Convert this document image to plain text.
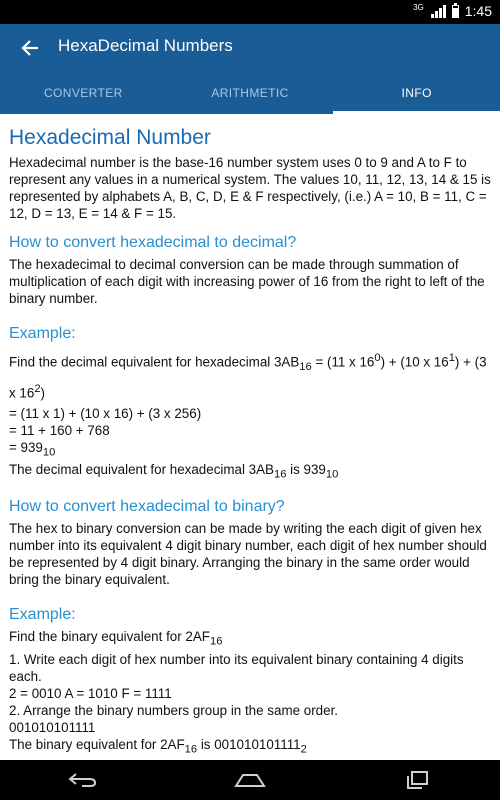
3G	1:45
HexaDecimal Numbers
CONVERTER	ARITHMETIC	INFO
Hexadecimal Number

Hexadecimal number is the base-16 number system uses 0 to 9 and A to F to represent any values in a numerical system. The values 10, 11, 12, 13, 14 & 15 is represented by alphabets A, B, C, D, E & F respectively, (i.e.) A = 10, B = 11, C = 12, D = 13, E = 14 & F = 15.

How to convert hexadecimal to decimal?

The hexadecimal to decimal conversion can be made through summation of multiplication of each digit with increasing power of 16 from the right to left of the binary number.

Example:

Find the decimal equivalent for hexadecimal $3AB_{16} = (11$ x $16^0) + (10$ x $16^1) + (3$ x $16^2$)

= (11 x 1) + (10 x 16) + (3 x 256)
= 11 + 160 + 768
= $939_{10}$
The decimal equivalent for hexadecimal $3AB_{16}$ is $939_{10}$
How to convert hexadecimal to binary?

The hex to binary conversion can be made by writing the each digit of given hex number into its equivalent 4 digit binary number, each digit of hex number should be represented by 4 digit binary. Arranging the binary in the same order would bring the binary equivalent.

Example:

Find the binary equivalent for $2AF_{16}$

1. Write each digit of hex number into its equivalent binary containing 4 digits each.
2 = 0010 A = 1010 F = 1111
2. Arrange the binary numbers group in the same order.
001010101111
The binary equivalent for $2AF_{16}$ is $001010101111_2$
